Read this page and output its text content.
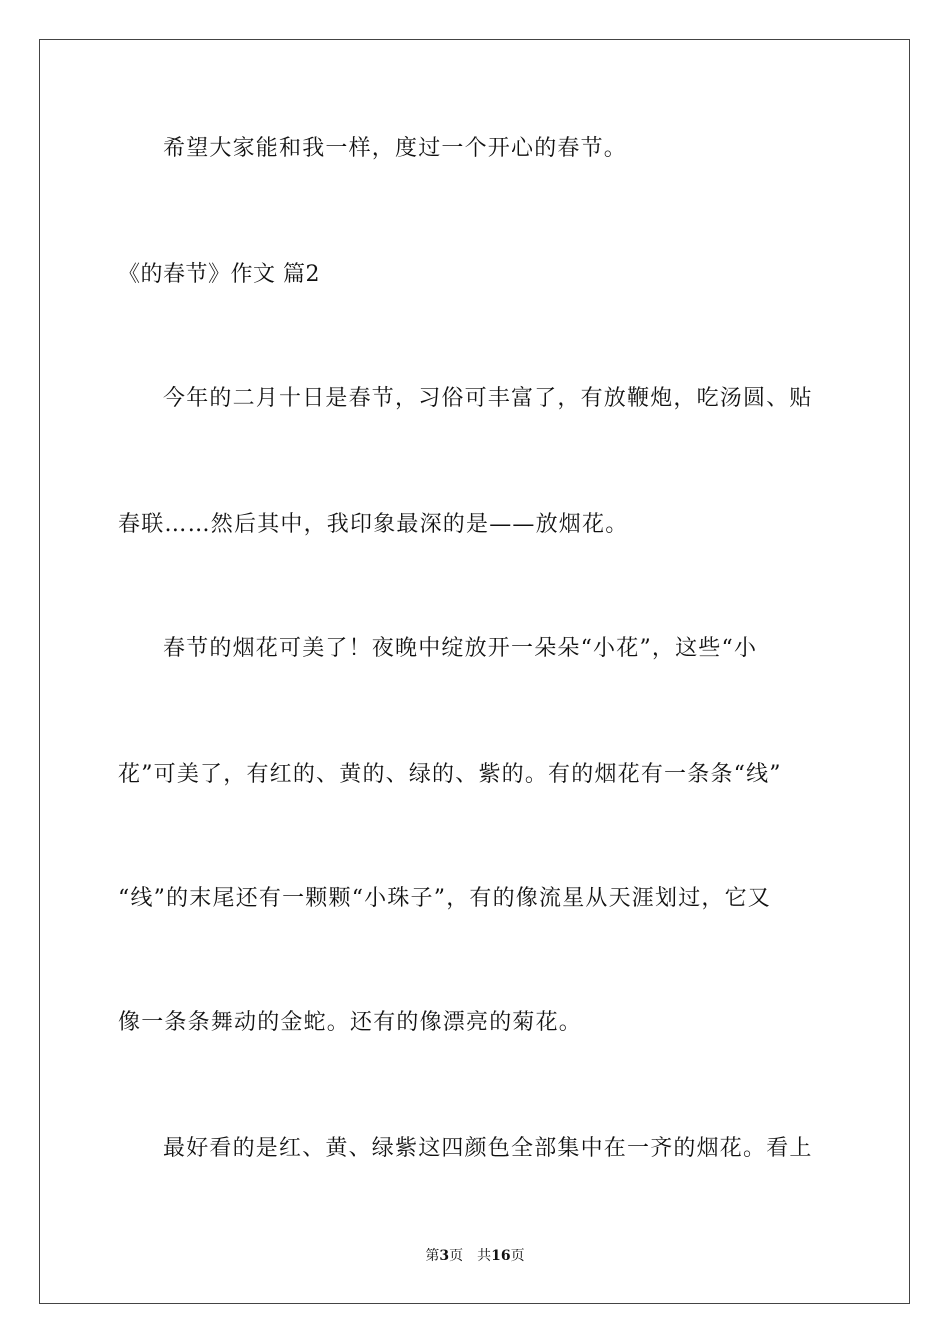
希望大家能和我一样，度过一个开心的春节。
《的春节》作文 篇2
今年的二月十日是春节，习俗可丰富了，有放鞭炮，吃汤圆、贴
春联……然后其中，我印象最深的是——放烟花。
春节的烟花可美了！夜晚中绽放开一朵朵“小花”，这些“小
花”可美了，有红的、黄的、绿的、紫的。有的烟花有一条条“线”
“线”的末尾还有一颗颗“小珠子”，有的像流星从天涯划过，它又
像一条条舞动的金蛇。还有的像漂亮的菊花。
最好看的是红、黄、绿紫这四颜色全部集中在一齐的烟花。看上
第3页 共16页
